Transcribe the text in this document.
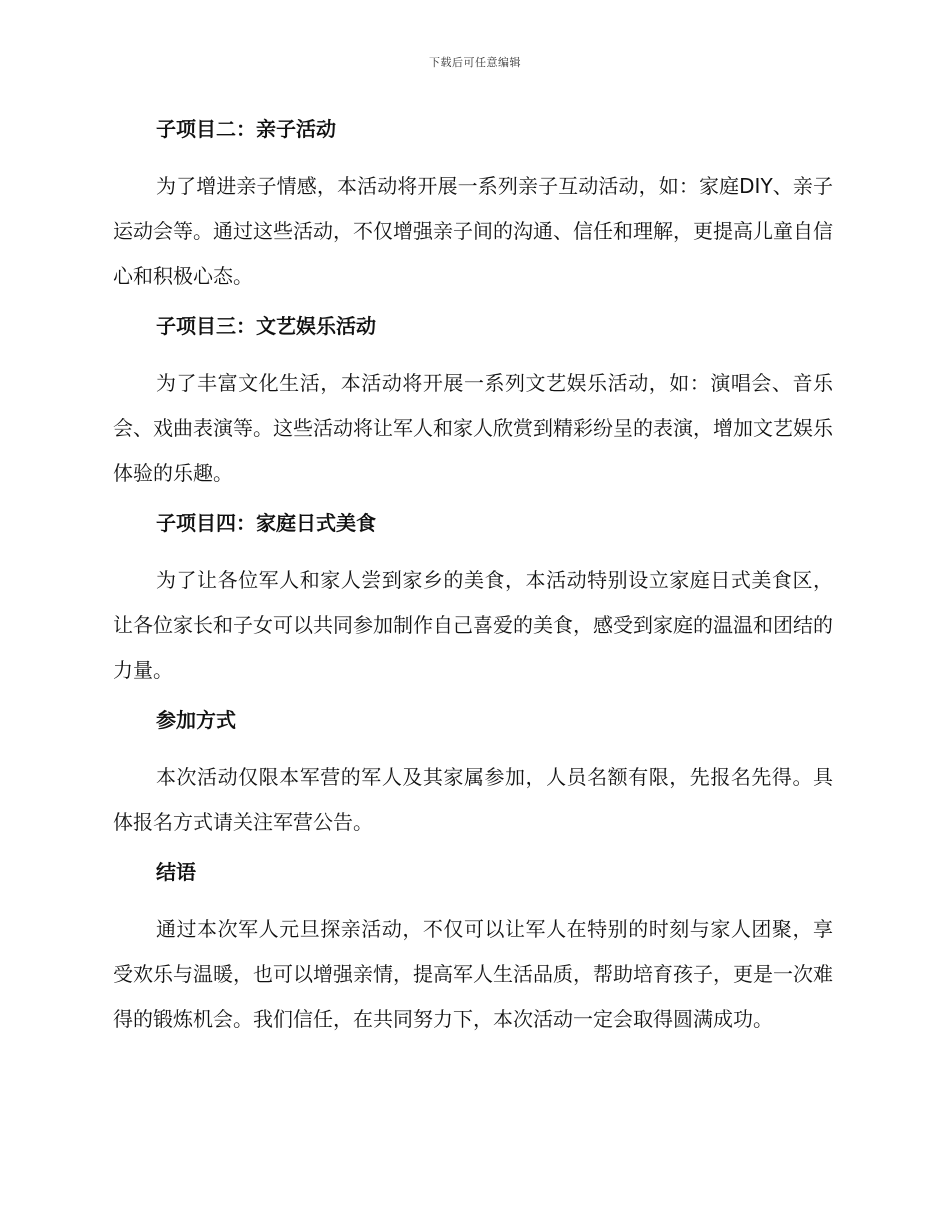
下载后可任意编辑
子项目二：亲子活动

为了增进亲子情感，本活动将开展一系列亲子互动活动，如：家庭DIY、亲子运动会等。通过这些活动，不仅增强亲子间的沟通、信任和理解，更提高儿童自信心和积极心态。

子项目三：文艺娱乐活动

为了丰富文化生活，本活动将开展一系列文艺娱乐活动，如：演唱会、音乐会、戏曲表演等。这些活动将让军人和家人欣赏到精彩纷呈的表演，增加文艺娱乐体验的乐趣。

子项目四：家庭日式美食

为了让各位军人和家人尝到家乡的美食，本活动特别设立家庭日式美食区，让各位家长和子女可以共同参加制作自己喜爱的美食，感受到家庭的温温和团结的力量。

参加方式

本次活动仅限本军营的军人及其家属参加，人员名额有限，先报名先得。具体报名方式请关注军营公告。

结语

通过本次军人元旦探亲活动，不仅可以让军人在特别的时刻与家人团聚，享受欢乐与温暖，也可以增强亲情，提高军人生活品质，帮助培育孩子，更是一次难得的锻炼机会。我们信任，在共同努力下，本次活动一定会取得圆满成功。
